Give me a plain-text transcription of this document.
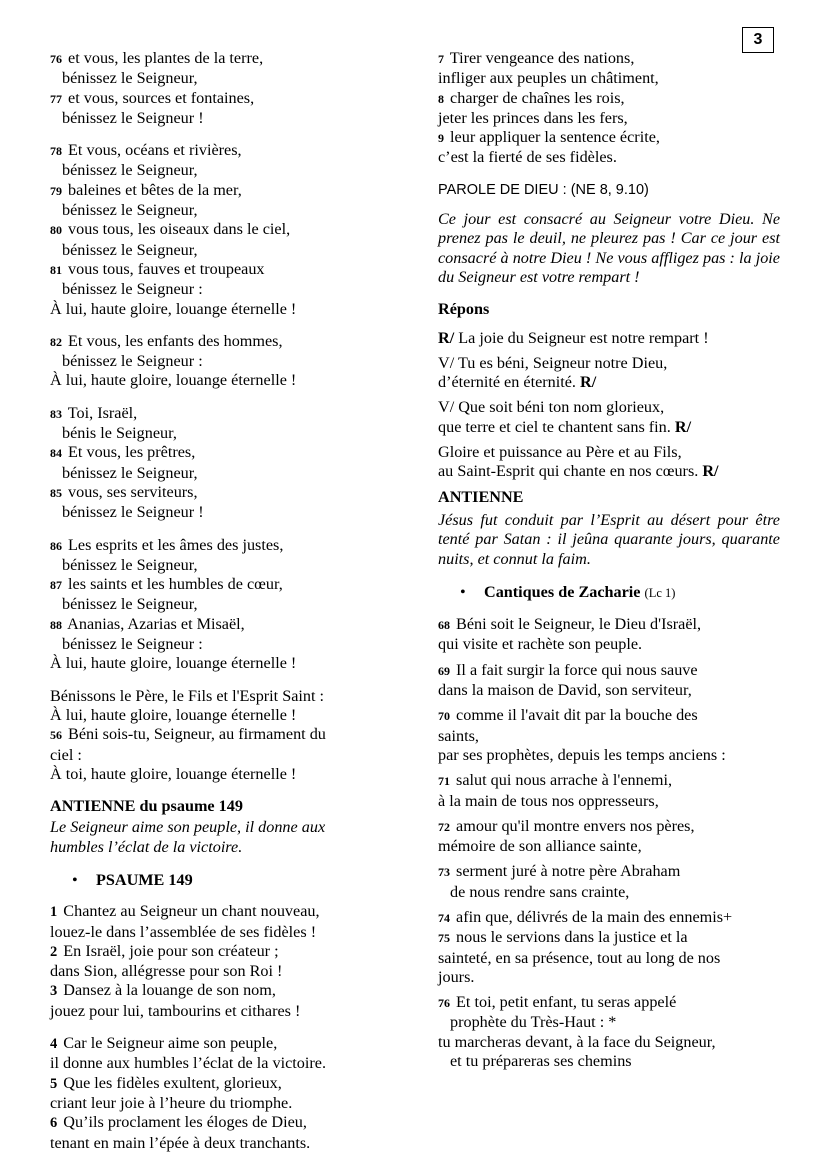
3
76 et vous, les plantes de la terre,
bénissez le Seigneur,
77 et vous, sources et fontaines,
bénissez le Seigneur !
78 Et vous, océans et rivières,
bénissez le Seigneur,
79 baleines et bêtes de la mer,
bénissez le Seigneur,
80 vous tous, les oiseaux dans le ciel,
bénissez le Seigneur,
81 vous tous, fauves et troupeaux
bénissez le Seigneur :
À lui, haute gloire, louange éternelle !
82 Et vous, les enfants des hommes,
bénissez le Seigneur :
À lui, haute gloire, louange éternelle !
83 Toi, Israël,
bénis le Seigneur,
84 Et vous, les prêtres,
bénissez le Seigneur,
85 vous, ses serviteurs,
bénissez le Seigneur !
86 Les esprits et les âmes des justes,
bénissez le Seigneur,
87 les saints et les humbles de cœur,
bénissez le Seigneur,
88 Ananias, Azarias et Misaël,
bénissez le Seigneur :
À lui, haute gloire, louange éternelle !
Bénissons le Père, le Fils et l'Esprit Saint :
À lui, haute gloire, louange éternelle !
56 Béni sois-tu, Seigneur, au firmament du
ciel :
À toi, haute gloire, louange éternelle !
ANTIENNE du psaume 149
Le Seigneur aime son peuple, il donne aux
humbles l’éclat de la victoire.
• PSAUME 149
1 Chantez au Seigneur un chant nouveau,
louez-le dans l’assemblée de ses fidèles !
2 En Israël, joie pour son créateur ;
dans Sion, allégresse pour son Roi !
3 Dansez à la louange de son nom,
jouez pour lui, tambourins et cithares !
4 Car le Seigneur aime son peuple,
il donne aux humbles l’éclat de la victoire.
5 Que les fidèles exultent, glorieux,
criant leur joie à l’heure du triomphe.
6 Qu’ils proclament les éloges de Dieu,
tenant en main l’épée à deux tranchants.
7 Tirer vengeance des nations,
infliger aux peuples un châtiment,
8 charger de chaînes les rois,
jeter les princes dans les fers,
9 leur appliquer la sentence écrite,
c’est la fierté de ses fidèles.
PAROLE DE DIEU : (NE 8, 9.10)
Ce jour est consacré au Seigneur votre Dieu. Ne prenez pas le deuil, ne pleurez pas ! Car ce jour est consacré à notre Dieu ! Ne vous affligez pas : la joie du Seigneur est votre rempart !
Répons
R/ La joie du Seigneur est notre rempart !
V/ Tu es béni, Seigneur notre Dieu,
d’éternité en éternité. R/
V/ Que soit béni ton nom glorieux,
que terre et ciel te chantent sans fin. R/
Gloire et puissance au Père et au Fils,
au Saint-Esprit qui chante en nos cœurs. R/
ANTIENNE
Jésus fut conduit par l’Esprit au désert pour être tenté par Satan : il jeûna quarante jours, quarante nuits, et connut la faim.
• Cantiques de Zacharie (Lc 1)
68 Béni soit le Seigneur, le Dieu d'Israël,
qui visite et rachète son peuple.
69 Il a fait surgir la force qui nous sauve
dans la maison de David, son serviteur,
70 comme il l'avait dit par la bouche des
saints,
par ses prophètes, depuis les temps anciens :
71 salut qui nous arrache à l'ennemi,
à la main de tous nos oppresseurs,
72 amour qu'il montre envers nos pères,
mémoire de son alliance sainte,
73 serment juré à notre père Abraham
de nous rendre sans crainte,
74 afin que, délivrés de la main des ennemis+
75 nous le servions dans la justice et la
sainteté, en sa présence, tout au long de nos
jours.
76 Et toi, petit enfant, tu seras appelé
prophète du Très-Haut : *
tu marcheras devant, à la face du Seigneur,
et tu prépareras ses chemins
